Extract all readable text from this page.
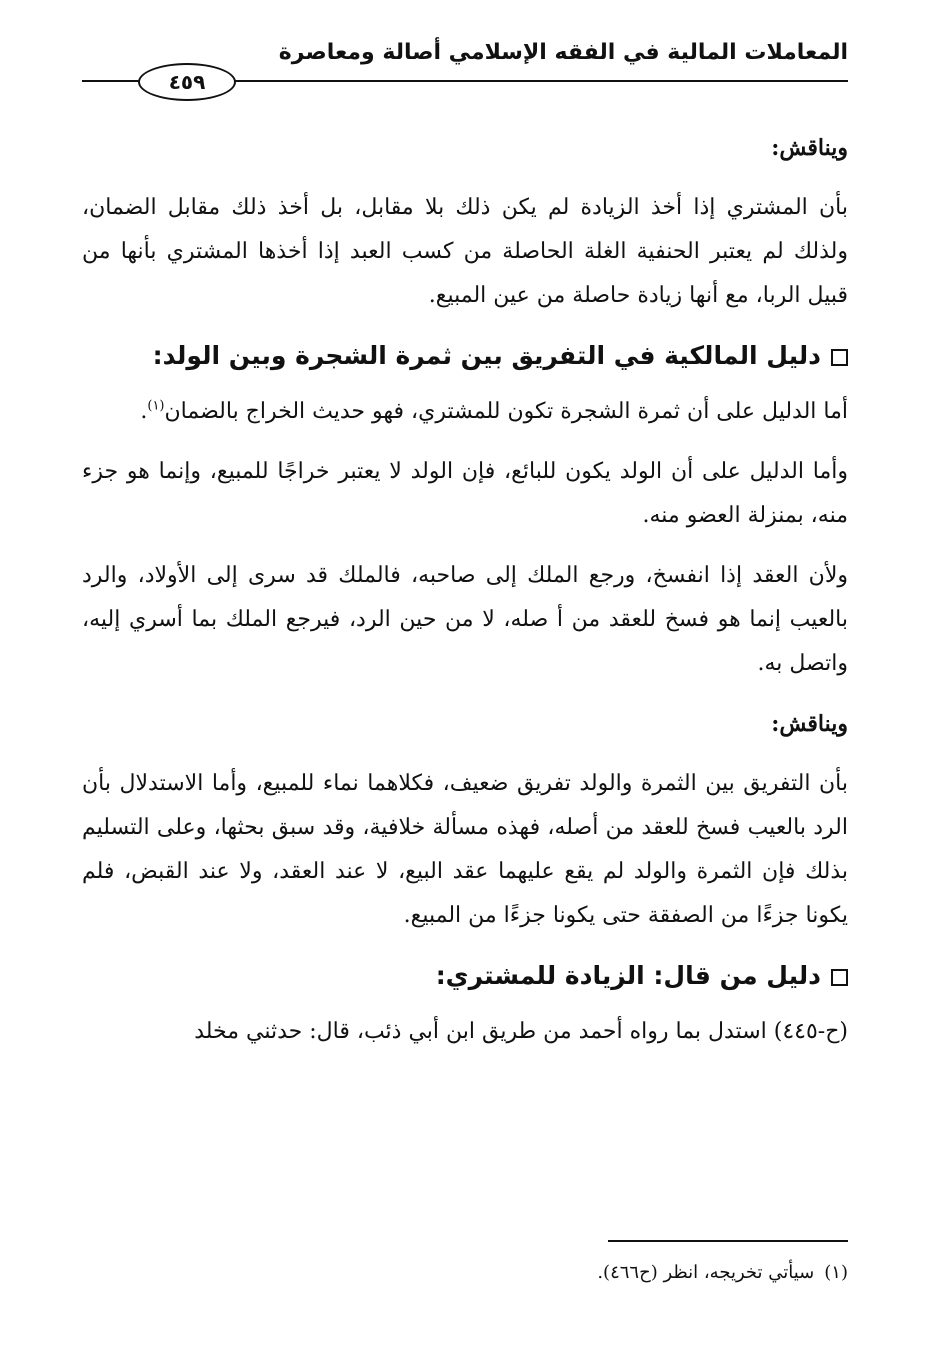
المعاملات المالية في الفقه الإسلامي أصالة ومعاصرة
٤٥٩
ويناقش:

بأن المشتري إذا أخذ الزيادة لم يكن ذلك بلا مقابل، بل أخذ ذلك مقابل الضمان، ولذلك لم يعتبر الحنفية الغلة الحاصلة من كسب العبد إذا أخذها المشتري بأنها من قبيل الربا، مع أنها زيادة حاصلة من عين المبيع.

دليل المالكية في التفريق بين ثمرة الشجرة وبين الولد:

أما الدليل على أن ثمرة الشجرة تكون للمشتري، فهو حديث الخراج بالضمان$^{(١)}$.

وأما الدليل على أن الولد يكون للبائع، فإن الولد لا يعتبر خراجًا للمبيع، وإنما هو جزء منه، بمنزلة العضو منه.

ولأن العقد إذا انفسخ، ورجع الملك إلى صاحبه، فالملك قد سرى إلى الأولاد، والرد بالعيب إنما هو فسخ للعقد من أ صله، لا من حين الرد، فيرجع الملك بما أسري إليه، واتصل به.

ويناقش:

بأن التفريق بين الثمرة والولد تفريق ضعيف، فكلاهما نماء للمبيع، وأما الاستدلال بأن الرد بالعيب فسخ للعقد من أصله، فهذه مسألة خلافية، وقد سبق بحثها، وعلى التسليم بذلك فإن الثمرة والولد لم يقع عليهما عقد البيع، لا عند العقد، ولا عند القبض، فلم يكونا جزءًا من الصفقة حتى يكونا جزءًا من المبيع.

دليل من قال: الزيادة للمشتري:

(ح-٤٤٥) استدل بما رواه أحمد من طريق ابن أبي ذئب، قال: حدثني مخلد

(١)سيأتي تخريجه، انظر (ح٤٦٦).
